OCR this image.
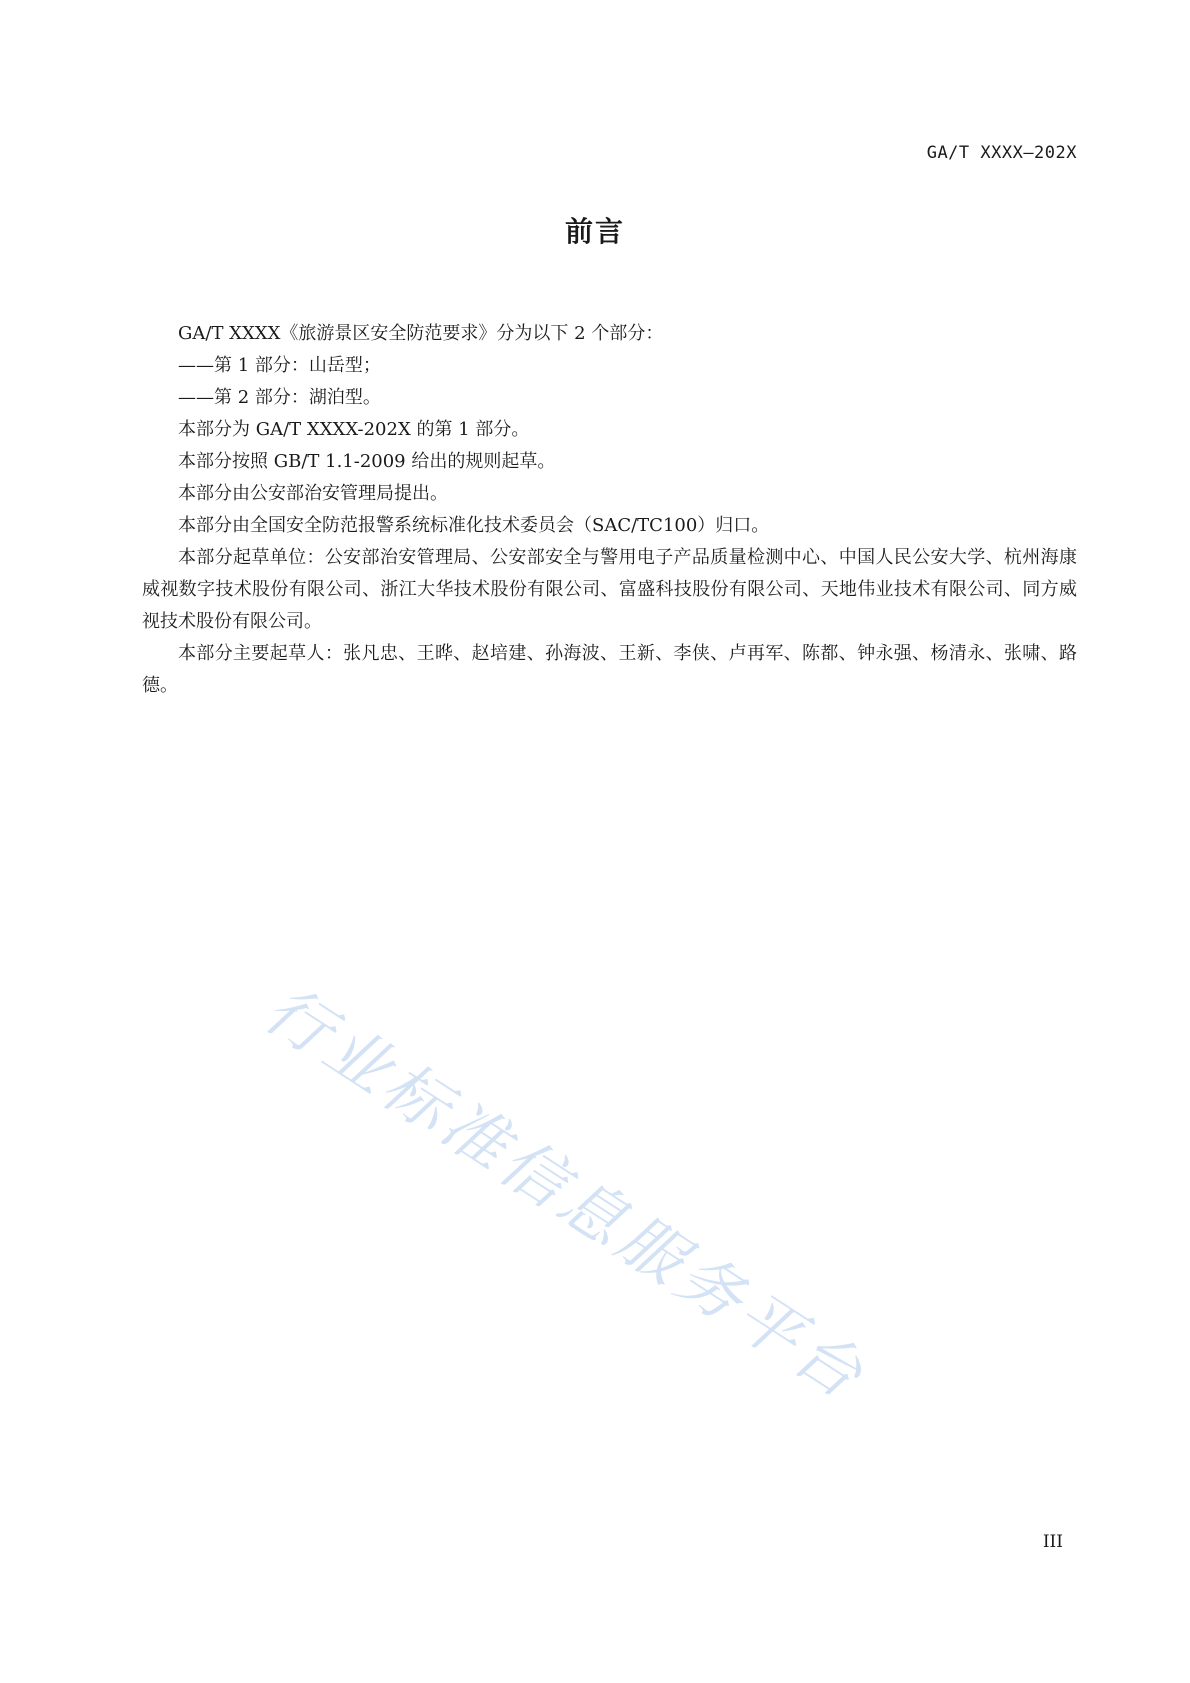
GA/T XXXX—202X
前言

GA/T XXXX《旅游景区安全防范要求》分为以下 2 个部分：

——第 1 部分：山岳型；

——第 2 部分：湖泊型。

本部分为 GA/T XXXX-202X 的第 1 部分。

本部分按照 GB/T 1.1-2009 给出的规则起草。

本部分由公安部治安管理局提出。

本部分由全国安全防范报警系统标准化技术委员会（SAC/TC100）归口。

本部分起草单位：公安部治安管理局、公安部安全与警用电子产品质量检测中心、中国人民公安大学、杭州海康威视数字技术股份有限公司、浙江大华技术股份有限公司、富盛科技股份有限公司、天地伟业技术有限公司、同方威视技术股份有限公司。

本部分主要起草人：张凡忠、王晔、赵培建、孙海波、王新、李侠、卢再军、陈都、钟永强、杨清永、张啸、路德。

行业标准信息服务平台
III
